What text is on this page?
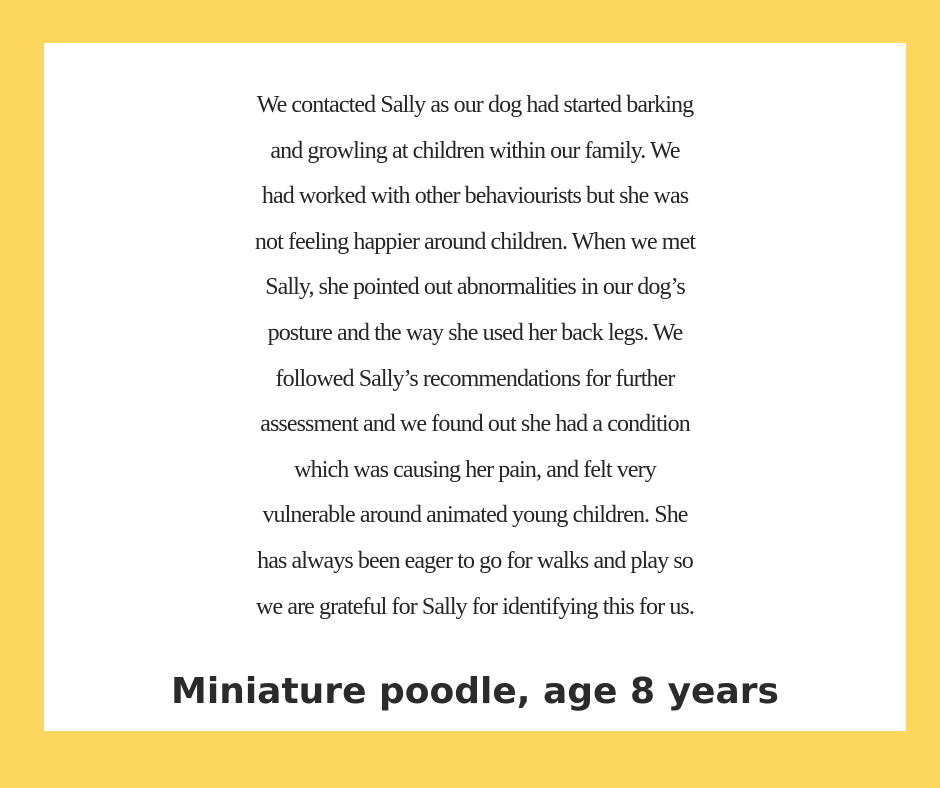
We contacted Sally as our dog had started barking
and growling at children within our family. We
had worked with other behaviourists but she was
not feeling happier around children. When we met
Sally, she pointed out abnormalities in our dog’s
posture and the way she used her back legs. We
followed Sally’s recommendations for further
assessment and we found out she had a condition
which was causing her pain, and felt very
vulnerable around animated young children. She
has always been eager to go for walks and play so
we are grateful for Sally for identifying this for us.

Miniature poodle, age 8 years
